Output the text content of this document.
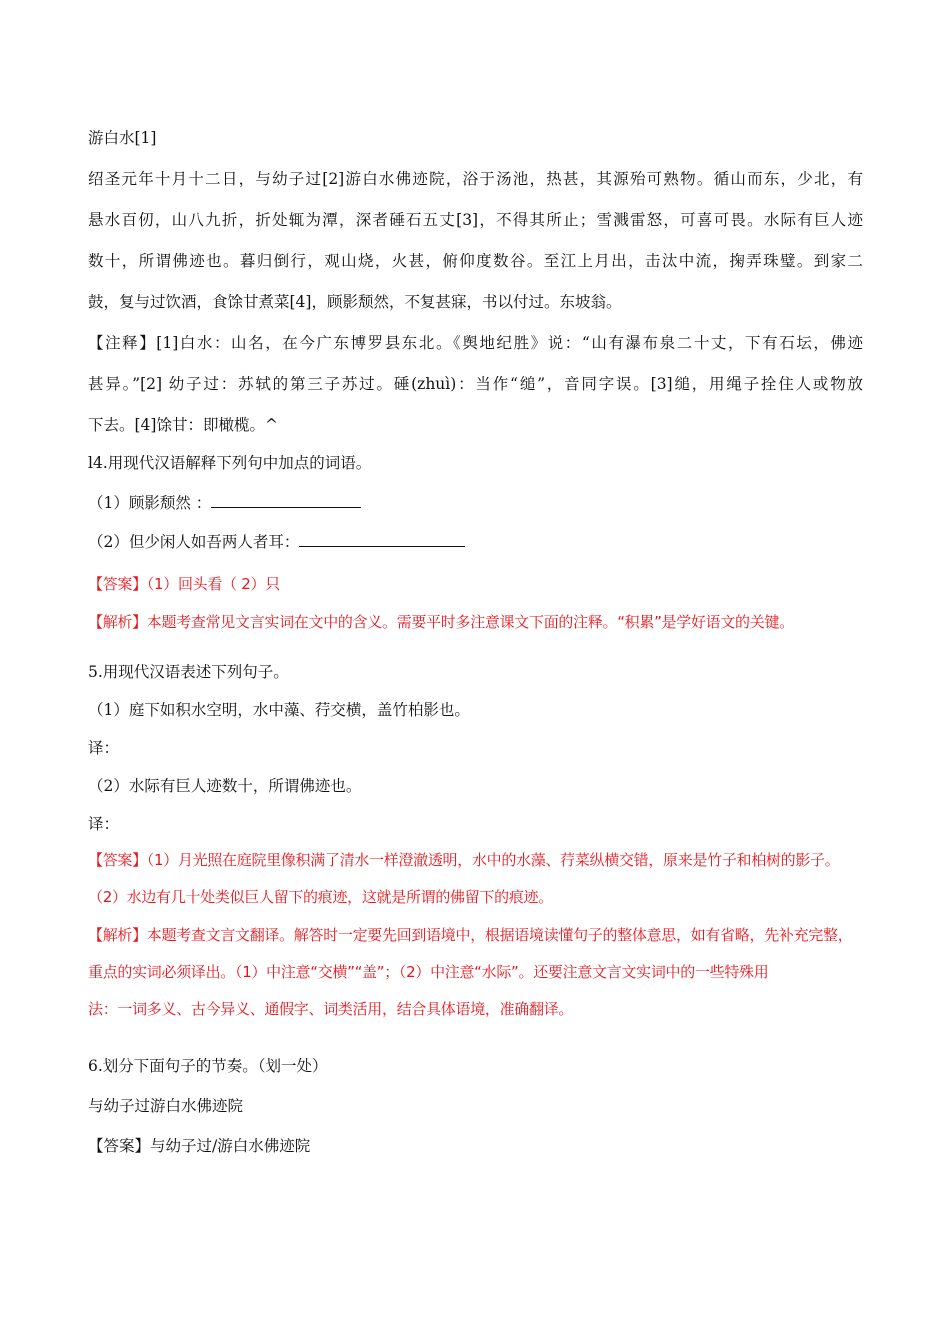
游白水[1]
绍圣元年十月十二日，与幼子过[2]游白水佛迹院，浴于汤池，热甚，其源殆可熟物。循山而东，少北，有
悬水百仞，山八九折，折处辄为潭，深者硾石五丈[3]，不得其所止；雪溅雷怒，可喜可畏。水际有巨人迹
数十，所谓佛迹也。暮归倒行，观山烧，火甚，俯仰度数谷。至江上月出，击汰中流，掬弄珠璧。到家二
鼓，复与过饮酒，食馀甘煮菜[4]，顾影颓然，不复甚寐，书以付过。东坡翁。
【注释】[1]白水：山名，在今广东博罗县东北。《舆地纪胜》说：“山有瀑布泉二十丈，下有石坛，佛迹
甚异。”[2] 幼子过：苏轼的第三子苏过。硾(zhuì)：当作“缒”，音同字误。[3]缒，用绳子拴住人或物放
下去。[4]馀甘：即橄榄。^
l4.用现代汉语解释下列句中加点的词语。
（1）顾影颓然 ：
（2）但少闲人如吾两人者耳：
【答案】（1）回头看（ 2）只
【解析】本题考查常见文言实词在文中的含义。需要平时多注意课文下面的注释。“积累”是学好语文的关键。
5.用现代汉语表述下列句子。
（1）庭下如积水空明，水中藻、荇交横，盖竹柏影也。
译：
（2）水际有巨人迹数十，所谓佛迹也。
译：
【答案】（1）月光照在庭院里像积满了清水一样澄澈透明，水中的水藻、荇菜纵横交错，原来是竹子和柏树的影子。
（2）水边有几十处类似巨人留下的痕迹，这就是所谓的佛留下的痕迹。
【解析】本题考查文言文翻译。解答时一定要先回到语境中，根据语境读懂句子的整体意思，如有省略，先补充完整，
重点的实词必须译出。（1）中注意“交横”“盖”；（2）中注意“水际”。还要注意文言文实词中的一些特殊用
法：一词多义、古今异义、通假字、词类活用，结合具体语境，准确翻译。
6.划分下面句子的节奏。（划一处）
与幼子过游白水佛迹院
【答案】与幼子过/游白水佛迹院
